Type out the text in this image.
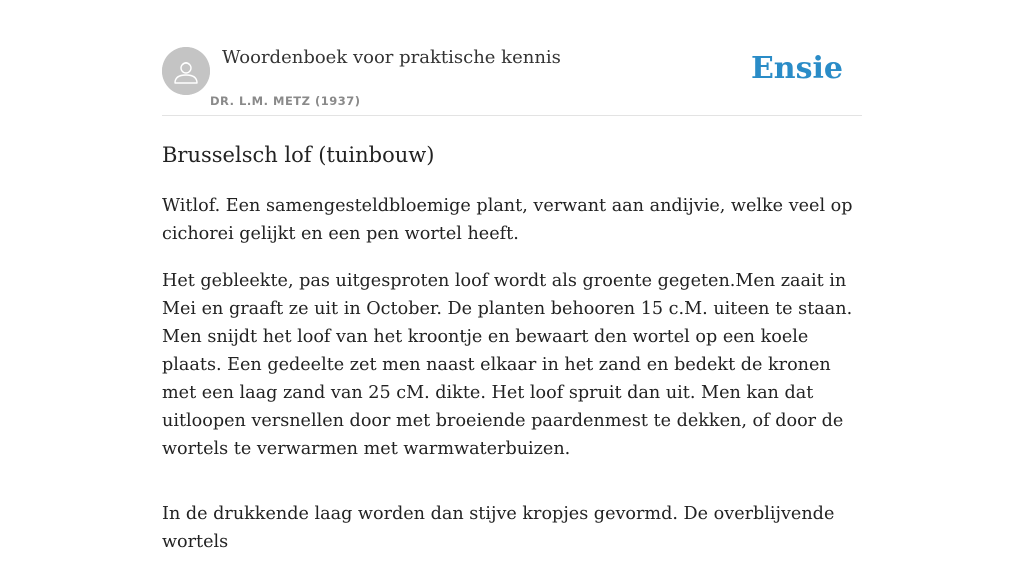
Woordenboek voor praktische kennis
DR. L.M. METZ (1937)
Ensie
Brusselsch lof (tuinbouw)

Witlof. Een samengesteldbloemige plant, verwant aan andijvie, welke veel op cichorei gelijkt en een pen wortel heeft.

Het gebleekte, pas uitgesproten loof wordt als groente gegeten.Men zaait in Mei en graaft ze uit in October. De planten behooren 15 c.M. uiteen te staan. Men snijdt het loof van het kroontje en bewaart den wortel op een koele plaats. Een gedeelte zet men naast elkaar in het zand en bedekt de kronen met een laag zand van 25 cM. dikte. Het loof spruit dan uit. Men kan dat uitloopen versnellen door met broeiende paardenmest te dekken, of door de wortels te verwarmen met warmwaterbuizen.

In de drukkende laag worden dan stijve kropjes gevormd. De overblijvende wortels
